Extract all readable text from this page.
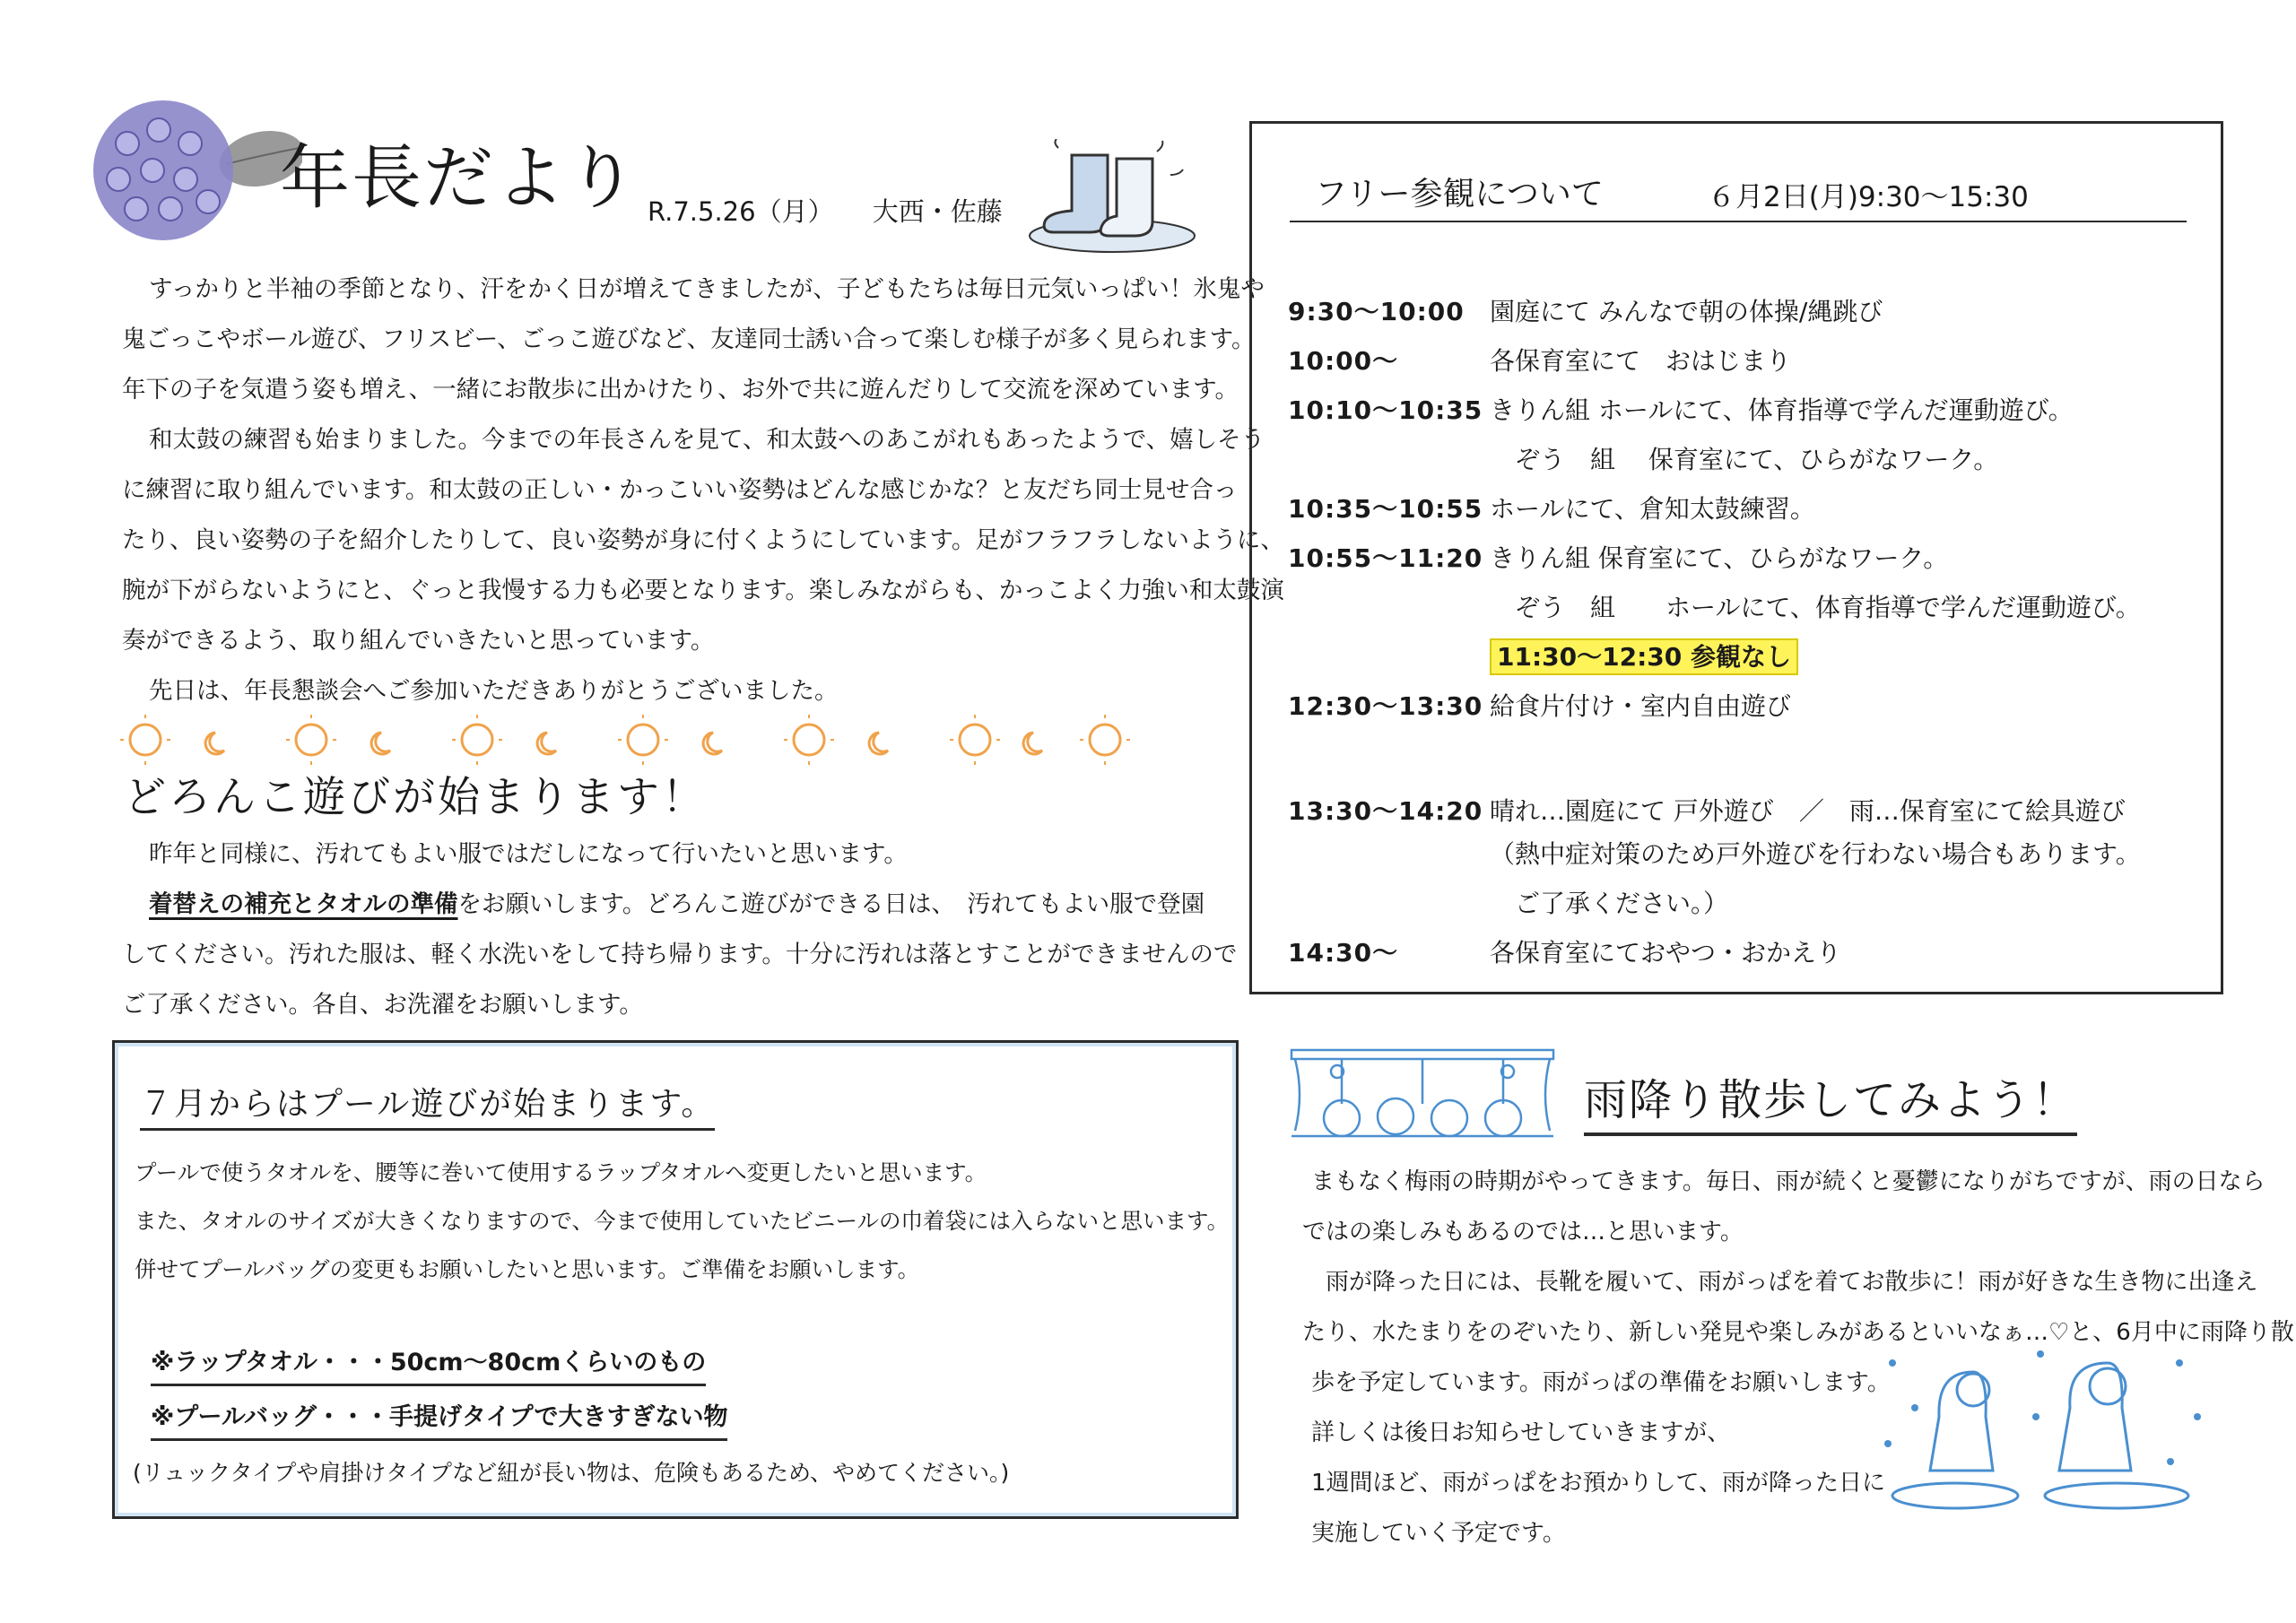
年長だより R.7.5.26（月） 大西・佐藤
すっかりと半袖の季節となり、汗をかく日が増えてきましたが、子どもたちは毎日元気いっぱい！氷鬼や
鬼ごっこやボール遊び、フリスビー、ごっこ遊びなど、友達同士誘い合って楽しむ様子が多く見られます。
年下の子を気遣う姿も増え、一緒にお散歩に出かけたり、お外で共に遊んだりして交流を深めています。
和太鼓の練習も始まりました。今までの年長さんを見て、和太鼓へのあこがれもあったようで、嬉しそう
に練習に取り組んでいます。和太鼓の正しい・かっこいい姿勢はどんな感じかな？と友だち同士見せ合っ
たり、良い姿勢の子を紹介したりして、良い姿勢が身に付くようにしています。足がフラフラしないように、
腕が下がらないようにと、ぐっと我慢する力も必要となります。楽しみながらも、かっこよく力強い和太鼓演
奏ができるよう、取り組んでいきたいと思っています。
先日は、年長懇談会へご参加いただきありがとうございました。
どろんこ遊びが始まります！
昨年と同様に、汚れてもよい服ではだしになって行いたいと思います。
着替えの補充とタオルの準備をお願いします。どろんこ遊びができる日は、　汚れてもよい服で登園
してください。汚れた服は、軽く水洗いをして持ち帰ります。十分に汚れは落とすことができませんので
ご了承ください。各自、お洗濯をお願いします。
７月からはプール遊びが始まります。
プールで使うタオルを、腰等に巻いて使用するラップタオルへ変更したいと思います。
また、タオルのサイズが大きくなりますので、今まで使用していたビニールの巾着袋には入らないと思います。
併せてプールバッグの変更もお願いしたいと思います。ご準備をお願いします。
※ラップタオル・・・50cm～80cmくらいのもの
※プールバッグ・・・手提げタイプで大きすぎない物
(リュックタイプや肩掛けタイプなど紐が長い物は、危険もあるため、やめてください。)
フリー参観について	６月2日(月)9:30～15:30
9:30～10:00	園庭にて みんなで朝の体操/縄跳び
10:00～	各保育室にて　おはじまり
10:10～10:35 きりん組 ホールにて、体育指導で学んだ運動遊び。
　ぞう　組　 保育室にて、ひらがなワーク。
10:35～10:55 ホールにて、倉知太鼓練習。
10:55～11:20 きりん組 保育室にて、ひらがなワーク。
　ぞう　組　　ホールにて、体育指導で学んだ運動遊び。
11:30～12:30 参観なし
12:30～13:30 給食片付け・室内自由遊び
13:30～14:20 晴れ…園庭にて 戸外遊び　／　雨…保育室にて絵具遊び
（熱中症対策のため戸外遊びを行わない場合もあります。
　ご了承ください。）
14:30～	各保育室にておやつ・おかえり
雨降り散歩してみよう！
まもなく梅雨の時期がやってきます。毎日、雨が続くと憂鬱になりがちですが、雨の日なら
ではの楽しみもあるのでは…と思います。
雨が降った日には、長靴を履いて、雨がっぱを着てお散歩に！雨が好きな生き物に出逢え
たり、水たまりをのぞいたり、新しい発見や楽しみがあるといいなぁ…♡と、6月中に雨降り散
歩を予定しています。雨がっぱの準備をお願いします。
詳しくは後日お知らせしていきますが、
1週間ほど、雨がっぱをお預かりして、雨が降った日に
実施していく予定です。
